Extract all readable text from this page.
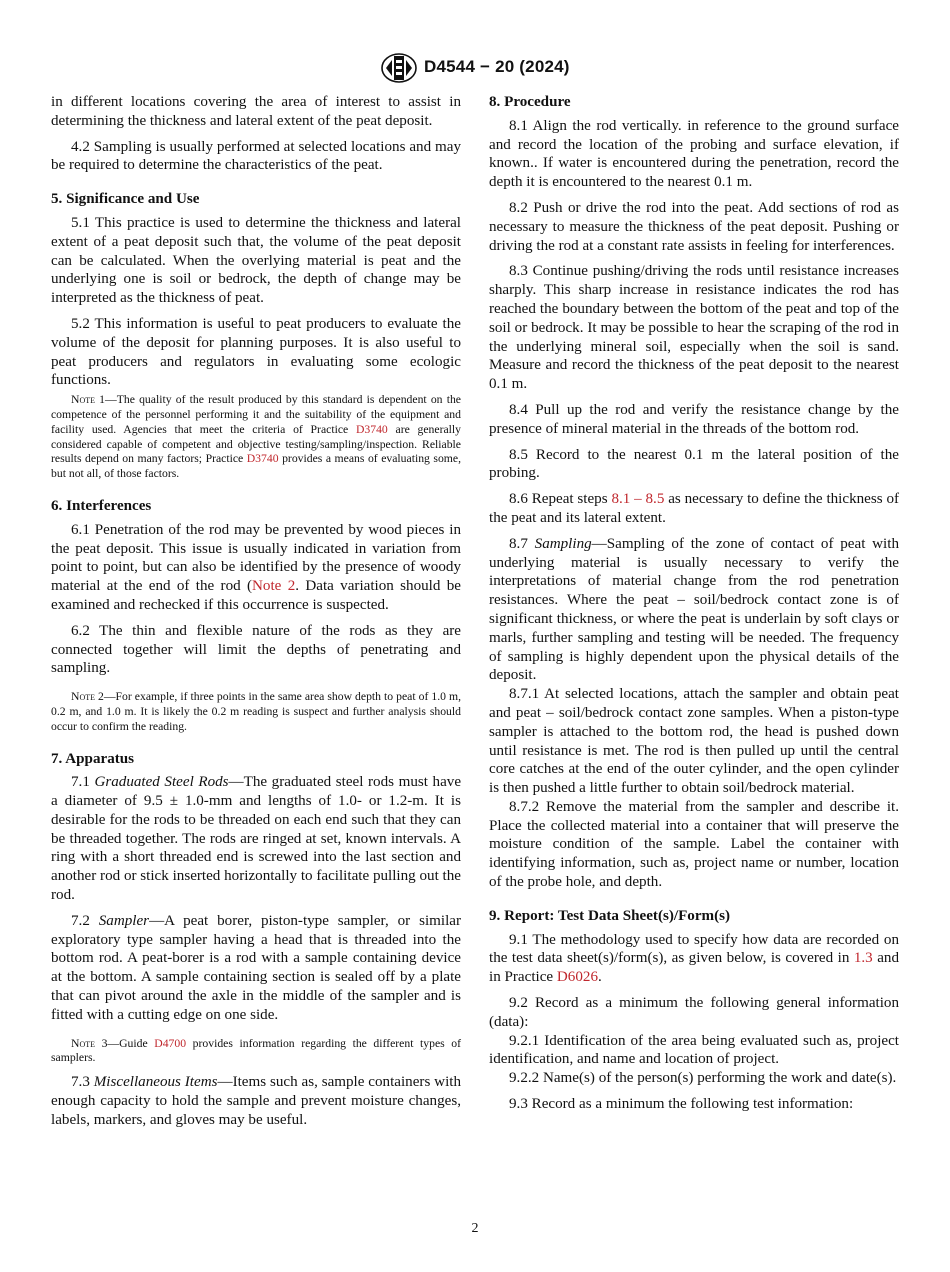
D4544 − 20 (2024)

in different locations covering the area of interest to assist in determining the thickness and lateral extent of the peat deposit.

4.2 Sampling is usually performed at selected locations and may be required to determine the characteristics of the peat.

5. Significance and Use

5.1 This practice is used to determine the thickness and lateral extent of a peat deposit such that, the volume of the peat deposit can be calculated. When the overlying material is peat and the underlying one is soil or bedrock, the depth of change may be interpreted as the thickness of peat.

5.2 This information is useful to peat producers to evaluate the volume of the deposit for planning purposes. It is also useful to peat producers and regulators in evaluating some ecologic functions.

Note 1—The quality of the result produced by this standard is dependent on the competence of the personnel performing it and the suitability of the equipment and facility used. Agencies that meet the criteria of Practice D3740 are generally considered capable of competent and objective testing/sampling/inspection. Reliable results depend on many factors; Practice D3740 provides a means of evaluating some, but not all, of those factors.
6. Interferences

6.1 Penetration of the rod may be prevented by wood pieces in the peat deposit. This issue is usually indicated in variation from point to point, but can also be identified by the presence of woody material at the end of the rod (Note 2. Data variation should be examined and rechecked if this occurrence is suspected.

6.2 The thin and flexible nature of the rods as they are connected together will limit the depths of penetrating and sampling.

Note 2—For example, if three points in the same area show depth to peat of 1.0 m, 0.2 m, and 1.0 m. It is likely the 0.2 m reading is suspect and further analysis should occur to confirm the reading.
7. Apparatus

7.1 Graduated Steel Rods—The graduated steel rods must have a diameter of 9.5 ± 1.0-mm and lengths of 1.0- or 1.2-m. It is desirable for the rods to be threaded on each end such that they can be threaded together. The rods are ringed at set, known intervals. A ring with a short threaded end is screwed into the last section and another rod or stick inserted horizontally to facilitate pulling out the rod.

7.2 Sampler—A peat borer, piston-type sampler, or similar exploratory type sampler having a head that is threaded into the bottom rod. A peat-borer is a rod with a sample containing device at the bottom. A sample containing section is sealed off by a plate that can pivot around the axle in the middle of the sampler and is fitted with a cutting edge on one side.

Note 3—Guide D4700 provides information regarding the different types of samplers.

7.3 Miscellaneous Items—Items such as, sample containers with enough capacity to hold the sample and prevent moisture changes, labels, markers, and gloves may be useful.

8. Procedure

8.1 Align the rod vertically. in reference to the ground surface and record the location of the probing and surface elevation, if known.. If water is encountered during the penetration, record the depth it is encountered to the nearest 0.1 m.

8.2 Push or drive the rod into the peat. Add sections of rod as necessary to measure the thickness of the peat deposit. Pushing or driving the rod at a constant rate assists in feeling for interferences.

8.3 Continue pushing/driving the rods until resistance increases sharply. This sharp increase in resistance indicates the rod has reached the boundary between the bottom of the peat and top of the soil or bedrock. It may be possible to hear the scraping of the rod in the underlying mineral soil, especially when the soil is sand. Measure and record the thickness of the peat deposit to the nearest 0.1 m.

8.4 Pull up the rod and verify the resistance change by the presence of mineral material in the threads of the bottom rod.

8.5 Record to the nearest 0.1 m the lateral position of the probing.

8.6 Repeat steps 8.1 – 8.5 as necessary to define the thickness of the peat and its lateral extent.

8.7 Sampling—Sampling of the zone of contact of peat with underlying material is usually necessary to verify the interpretations of material change from the rod penetration resistances. Where the peat – soil/bedrock contact zone is of significant thickness, or where the peat is underlain by soft clays or marls, further sampling and testing will be needed. The frequency of sampling is highly dependent upon the physical details of the deposit.

8.7.1 At selected locations, attach the sampler and obtain peat and peat – soil/bedrock contact zone samples. When a piston-type sampler is attached to the bottom rod, the head is pushed down until resistance is met. The rod is then pulled up until the central core catches at the end of the outer cylinder, and the open cylinder is then pushed a little further to obtain soil/bedrock material.

8.7.2 Remove the material from the sampler and describe it. Place the collected material into a container that will preserve the moisture condition of the sample. Label the container with identifying information, such as, project name or number, location of the probe hole, and depth.

9. Report: Test Data Sheet(s)/Form(s)

9.1 The methodology used to specify how data are recorded on the test data sheet(s)/form(s), as given below, is covered in 1.3 and in Practice D6026.

9.2 Record as a minimum the following general information (data):

9.2.1 Identification of the area being evaluated such as, project identification, and name and location of project.

9.2.2 Name(s) of the person(s) performing the work and date(s).

9.3 Record as a minimum the following test information:

2
